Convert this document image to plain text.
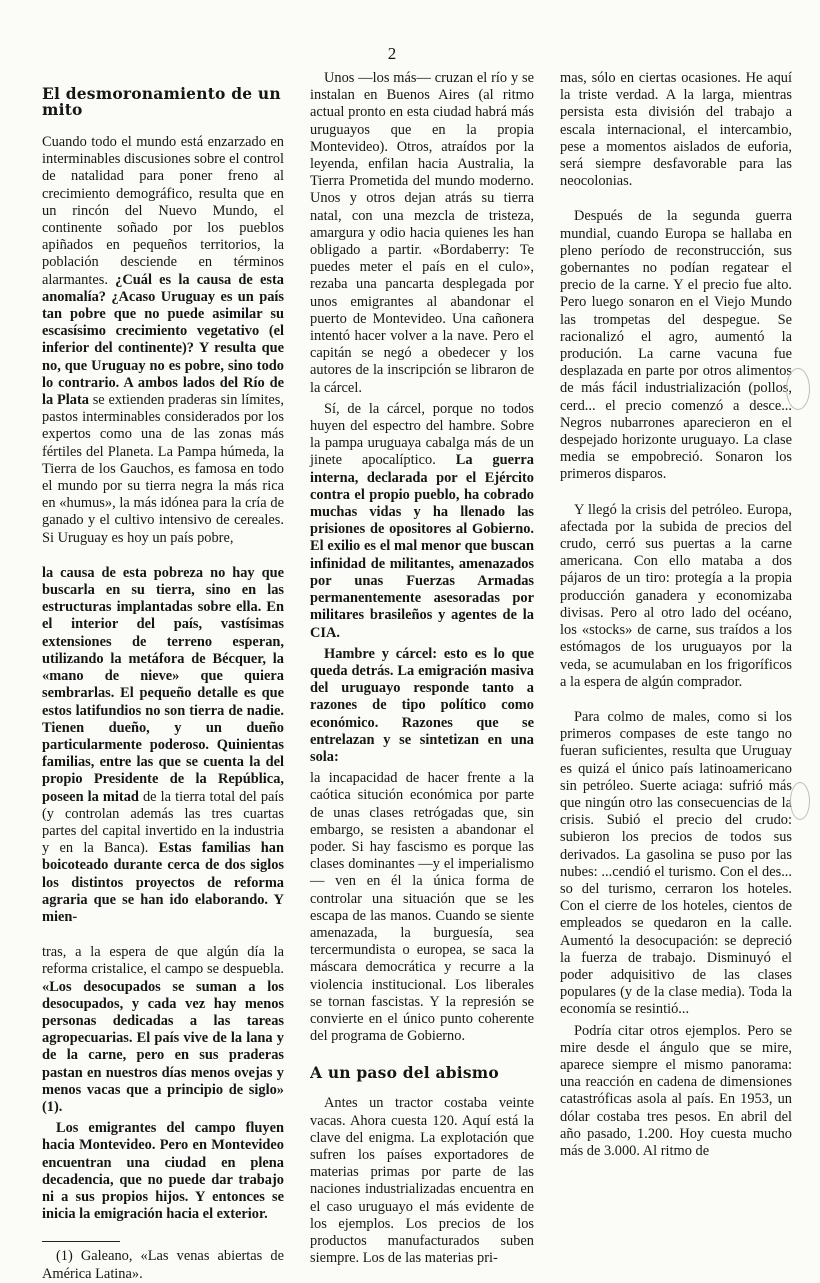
2
El desmoronamiento de un mito

Cuando todo el mundo está enzarzado en interminables discusiones sobre el control de natalidad para poner freno al crecimiento demográfico, resulta que en un rincón del Nuevo Mundo, el continente soñado por los pueblos apiñados en pequeños territorios, la población desciende en términos alarmantes. ¿Cuál es la causa de esta anomalía? ¿Acaso Uruguay es un país tan pobre que no puede asimilar su escasísimo crecimiento vegetativo (el inferior del continente)? Y resulta que no, que Uruguay no es pobre, sino todo lo contrario. A ambos lados del Río de la Plata se extienden praderas sin límites, pastos interminables considerados por los expertos como una de las zonas más fértiles del Planeta. La Pampa húmeda, la Tierra de los Gauchos, es famosa en todo el mundo por su tierra negra la más rica en «humus», la más idónea para la cría de ganado y el cultivo intensivo de cereales. Si Uruguay es hoy un país pobre,

la causa de esta pobreza no hay que buscarla en su tierra, sino en las estructuras implantadas sobre ella. En el interior del país, vastísimas extensiones de terreno esperan, utilizando la metáfora de Bécquer, la «mano de nieve» que quiera sembrarlas. El pequeño detalle es que estos latifundios no son tierra de nadie. Tienen dueño, y un dueño particularmente poderoso. Quinientas familias, entre las que se cuenta la del propio Presidente de la República, poseen la mitad de la tierra total del país (y controlan además las tres cuartas partes del capital invertido en la industria y en la Banca). Estas familias han boicoteado durante cerca de dos siglos los distintos proyectos de reforma agraria que se han ido elaborando. Y mien-

tras, a la espera de que algún día la reforma cristalice, el campo se despuebla. «Los desocupados se suman a los desocupados, y cada vez hay menos personas dedicadas a las tareas agropecuarias. El país vive de la lana y de la carne, pero en sus praderas pastan en nuestros días menos ovejas y menos vacas que a principio de siglo» (1).

Los emigrantes del campo fluyen hacia Montevideo. Pero en Montevideo encuentran una ciudad en plena decadencia, que no puede dar trabajo ni a sus propios hijos. Y entonces se inicia la emigración hacia el exterior.

(1) Galeano, «Las venas abiertas de América Latina».

Unos —los más— cruzan el río y se instalan en Buenos Aires (al ritmo actual pronto en esta ciudad habrá más uruguayos que en la propia Montevideo). Otros, atraídos por la leyenda, enfilan hacia Australia, la Tierra Prometida del mundo moderno. Unos y otros dejan atrás su tierra natal, con una mezcla de tristeza, amargura y odio hacia quienes les han obligado a partir. «Bordaberry: Te puedes meter el país en el culo», rezaba una pancarta desplegada por unos emigrantes al abandonar el puerto de Montevideo. Una cañonera intentó hacer volver a la nave. Pero el capitán se negó a obedecer y los autores de la inscripción se libraron de la cárcel.

Sí, de la cárcel, porque no todos huyen del espectro del hambre. Sobre la pampa uruguaya cabalga más de un jinete apocalíptico. La guerra interna, declarada por el Ejército contra el propio pueblo, ha cobrado muchas vidas y ha llenado las prisiones de opositores al Gobierno. El exilio es el mal menor que buscan infinidad de militantes, amenazados por unas Fuerzas Armadas permanentemente asesoradas por militares brasileños y agentes de la CIA.

Hambre y cárcel: esto es lo que queda detrás. La emigración masiva del uruguayo responde tanto a razones de tipo político como económico. Razones que se entrelazan y se sintetizan en una sola:

la incapacidad de hacer frente a la caótica situción económica por parte de unas clases retrógadas que, sin embargo, se resisten a abandonar el poder. Si hay fascismo es porque las clases dominantes —y el imperialismo— ven en él la única forma de controlar una situación que se les escapa de las manos. Cuando se siente amenazada, la burguesía, sea tercermundista o europea, se saca la máscara democrática y recurre a la violencia institucional. Los liberales se tornan fascistas. Y la represión se convierte en el único punto coherente del programa de Gobierno.

A un paso del abismo

Antes un tractor costaba veinte vacas. Ahora cuesta 120. Aquí está la clave del enigma. La explotación que sufren los países exportadores de materias primas por parte de las naciones industrializadas encuentra en el caso uruguayo el más evidente de los ejemplos. Los precios de los productos manufacturados suben siempre. Los de las materias pri-

mas, sólo en ciertas ocasiones. He aquí la triste verdad. A la larga, mientras persista esta división del trabajo a escala internacional, el intercambio, pese a momentos aislados de euforia, será siempre desfavorable para las neocolonias.

Después de la segunda guerra mundial, cuando Europa se hallaba en pleno período de reconstrucción, sus gobernantes no podían regatear el precio de la carne. Y el precio fue alto. Pero luego sonaron en el Viejo Mundo las trompetas del despegue. Se racionalizó el agro, aumentó la produción. La carne vacuna fue desplazada en parte por otros alimentos de más fácil industrialización (pollos, cerd... el precio comenzó a desce... Negros nubarrones aparecieron en el despejado horizonte uruguayo. La clase media se empobreció. Sonaron los primeros disparos.

Y llegó la crisis del petróleo. Europa, afectada por la subida de precios del crudo, cerró sus puertas a la carne americana. Con ello mataba a dos pájaros de un tiro: protegía a la propia producción ganadera y economizaba divisas. Pero al otro lado del océano, los «stocks» de carne, sus traídos a los estómagos de los uruguayos por la veda, se acumulaban en los frigoríficos a la espera de algún comprador.

Para colmo de males, como si los primeros compases de este tango no fueran suficientes, resulta que Uruguay es quizá el único país latinoamericano sin petróleo. Suerte aciaga: sufrió más que ningún otro las consecuencias de la crisis. Subió el precio del crudo: subieron los precios de todos sus derivados. La gasolina se puso por las nubes: ...cendió el turismo. Con el des... so del turismo, cerraron los hoteles. Con el cierre de los hoteles, cientos de empleados se quedaron en la calle. Aumentó la desocupación: se depreció la fuerza de trabajo. Disminuyó el poder adquisitivo de las clases populares (y de la clase media). Toda la economía se resintió...

Podría citar otros ejemplos. Pero se mire desde el ángulo que se mire, aparece siempre el mismo panorama: una reacción en cadena de dimensiones catastróficas asola al país. En 1953, un dólar costaba tres pesos. En abril del año pasado, 1.200. Hoy cuesta mucho más de 3.000. Al ritmo de
